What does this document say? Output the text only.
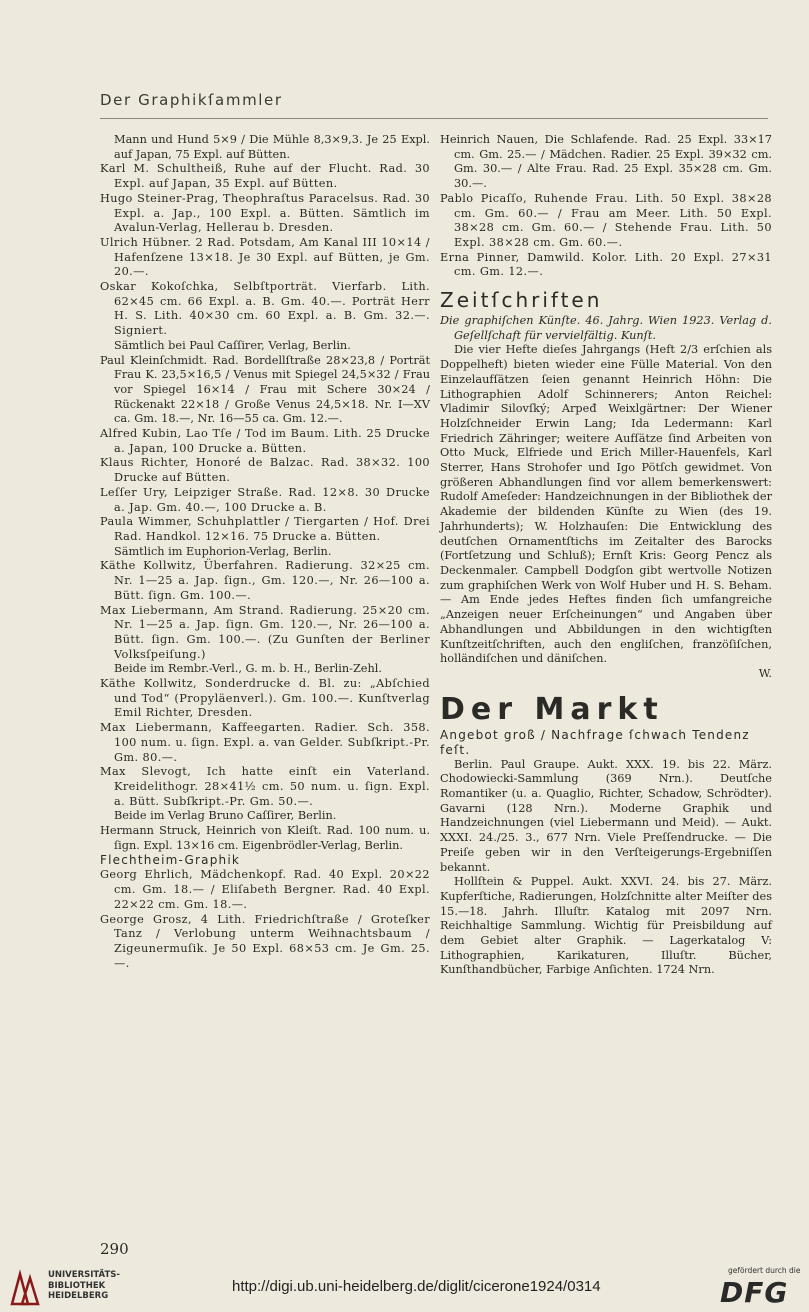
Der Graphikſammler

Mann und Hund 5×9 / Die Mühle 8,3×9,3. Je 25 Expl. auf Japan, 75 Expl. auf Bütten.

Karl M. Schultheiß, Ruhe auf der Flucht. Rad. 30 Expl. auf Japan, 35 Expl. auf Bütten.

Hugo Steiner-Prag, Theophraſtus Paracelsus. Rad. 30 Expl. a. Jap., 100 Expl. a. Bütten. Sämtlich im Avalun-Verlag, Hellerau b. Dresden.

Ulrich Hübner. 2 Rad. Potsdam, Am Kanal III 10×14 / Hafenſzene 13×18. Je 30 Expl. auf Bütten, je Gm. 20.—.

Oskar Kokoſchka, Selbſtporträt. Vierfarb. Lith. 62×45 cm. 66 Expl. a. B. Gm. 40.—. Porträt Herr H. S. Lith. 40×30 cm. 60 Expl. a. B. Gm. 32.—. Signiert.

Sämtlich bei Paul Caſſirer, Verlag, Berlin.

Paul Kleinſchmidt. Rad. Bordellſtraße 28×23,8 / Porträt Frau K. 23,5×16,5 / Venus mit Spiegel 24,5×32 / Frau vor Spiegel 16×14 / Frau mit Schere 30×24 / Rückenakt 22×18 / Große Venus 24,5×18. Nr. I—XV ca. Gm. 18.—, Nr. 16—55 ca. Gm. 12.—.

Alfred Kubin, Lao Tſe / Tod im Baum. Lith. 25 Drucke a. Japan, 100 Drucke a. Bütten.

Klaus Richter, Honoré de Balzac. Rad. 38×32. 100 Drucke auf Bütten.

Leſſer Ury, Leipziger Straße. Rad. 12×8. 30 Drucke a. Jap. Gm. 40.—, 100 Drucke a. B.

Paula Wimmer, Schuhplattler / Tiergarten / Hof. Drei Rad. Handkol. 12×16. 75 Drucke a. Bütten.

Sämtlich im Euphorion-Verlag, Berlin.

Käthe Kollwitz, Überfahren. Radierung. 32×25 cm. Nr. 1—25 a. Jap. ſign., Gm. 120.—, Nr. 26—100 a. Bütt. ſign. Gm. 100.—.

Max Liebermann, Am Strand. Radierung. 25×20 cm. Nr. 1—25 a. Jap. ſign. Gm. 120.—, Nr. 26—100 a. Bütt. ſign. Gm. 100.—. (Zu Gunſten der Berliner Volksſpeiſung.)

Beide im Rembr.-Verl., G. m. b. H., Berlin-Zehl.

Käthe Kollwitz, Sonderdrucke d. Bl. zu: „Abſchied und Tod“ (Propyläenverl.). Gm. 100.—. Kunſtverlag Emil Richter, Dresden.

Max Liebermann, Kaffeegarten. Radier. Sch. 358. 100 num. u. ſign. Expl. a. van Gelder. Subſkript.-Pr. Gm. 80.—.

Max Slevogt, Ich hatte einſt ein Vaterland. Kreidelithogr. 28×41½ cm. 50 num. u. ſign. Expl. a. Bütt. Subſkript.-Pr. Gm. 50.—.

Beide im Verlag Bruno Caſſirer, Berlin.

Hermann Struck, Heinrich von Kleiſt. Rad. 100 num. u. ſign. Expl. 13×16 cm. Eigenbrödler-Verlag, Berlin.

Flechtheim-Graphik

Georg Ehrlich, Mädchenkopf. Rad. 40 Expl. 20×22 cm. Gm. 18.— / Eliſabeth Bergner. Rad. 40 Expl. 22×22 cm. Gm. 18.—.

George Grosz, 4 Lith. Friedrichſtraße / Groteſker Tanz / Verlobung unterm Weihnachtsbaum / Zigeunermuſik. Je 50 Expl. 68×53 cm. Je Gm. 25.—.

Heinrich Nauen, Die Schlafende. Rad. 25 Expl. 33×17 cm. Gm. 25.— / Mädchen. Radier. 25 Expl. 39×32 cm. Gm. 30.— / Alte Frau. Rad. 25 Expl. 35×28 cm. Gm. 30.—.

Pablo Picaſſo, Ruhende Frau. Lith. 50 Expl. 38×28 cm. Gm. 60.— / Frau am Meer. Lith. 50 Expl. 38×28 cm. Gm. 60.— / Stehende Frau. Lith. 50 Expl. 38×28 cm. Gm. 60.—.

Erna Pinner, Damwild. Kolor. Lith. 20 Expl. 27×31 cm. Gm. 12.—.

Zeitſchriften

Die graphiſchen Künſte. 46. Jahrg. Wien 1923. Verlag d. Geſellſchaft für vervielfältig. Kunſt.

Die vier Hefte dieſes Jahrgangs (Heft 2/3 erſchien als Doppelheft) bieten wieder eine Fülle Material. Von den Einzelaufſätzen ſeien genannt Heinrich Höhn: Die Lithographien Adolf Schinnerers; Anton Reichel: Vladimir Silovſký; Arpeđ Weixlgärtner: Der Wiener Holzſchneider Erwin Lang; Ida Ledermann: Karl Friedrich Zähringer; weitere Aufſätze ſind Arbeiten von Otto Muck, Elfriede und Erich Miller-Hauenfels, Karl Sterrer, Hans Strohofer und Igo Pötſch gewidmet. Von größeren Abhandlungen ſind vor allem bemerkenswert: Rudolf Ameſeder: Handzeichnungen in der Bibliothek der Akademie der bildenden Künſte zu Wien (des 19. Jahrhunderts); W. Holzhauſen: Die Entwicklung des deutſchen Ornamentſtichs im Zeitalter des Barocks (Fortſetzung und Schluß); Ernſt Kris: Georg Pencz als Deckenmaler. Campbell Dodgſon gibt wertvolle Notizen zum graphiſchen Werk von Wolf Huber und H. S. Beham. — Am Ende jedes Heftes finden ſich umfangreiche „Anzeigen neuer Erſcheinungen“ und Angaben über Abhandlungen und Abbildungen in den wichtigſten Kunſtzeitſchriften, auch den engliſchen, franzöſiſchen, holländiſchen und däniſchen.

W.

Der Markt

Angebot groß / Nachfrage ſchwach Tendenz feſt.

Berlin. Paul Graupe. Aukt. XXX. 19. bis 22. März. Chodowiecki-Sammlung (369 Nrn.). Deutſche Romantiker (u. a. Quaglio, Richter, Schadow, Schrödter). Gavarni (128 Nrn.). Moderne Graphik und Handzeichnungen (viel Liebermann und Meid). — Aukt. XXXI. 24./25. 3., 677 Nrn. Viele Preſſendrucke. — Die Preiſe geben wir in den Verſteigerungs-Ergebniſſen bekannt.

Hollſtein & Puppel. Aukt. XXVI. 24. bis 27. März. Kupferſtiche, Radierungen, Holzſchnitte alter Meiſter des 15.—18. Jahrh. Illuſtr. Katalog mit 2097 Nrn. Reichhaltige Sammlung. Wichtig für Preisbildung auf dem Gebiet alter Graphik. — Lagerkatalog V: Lithographien, Karikaturen, Illuſtr. Bücher, Kunſthandbücher, Farbige Anſichten. 1724 Nrn.

290
UNIVERSITÄTS-
BIBLIOTHEK
HEIDELBERG
http://digi.ub.uni-heidelberg.de/diglit/cicerone1924/0314
gefördert durch die
DFG
